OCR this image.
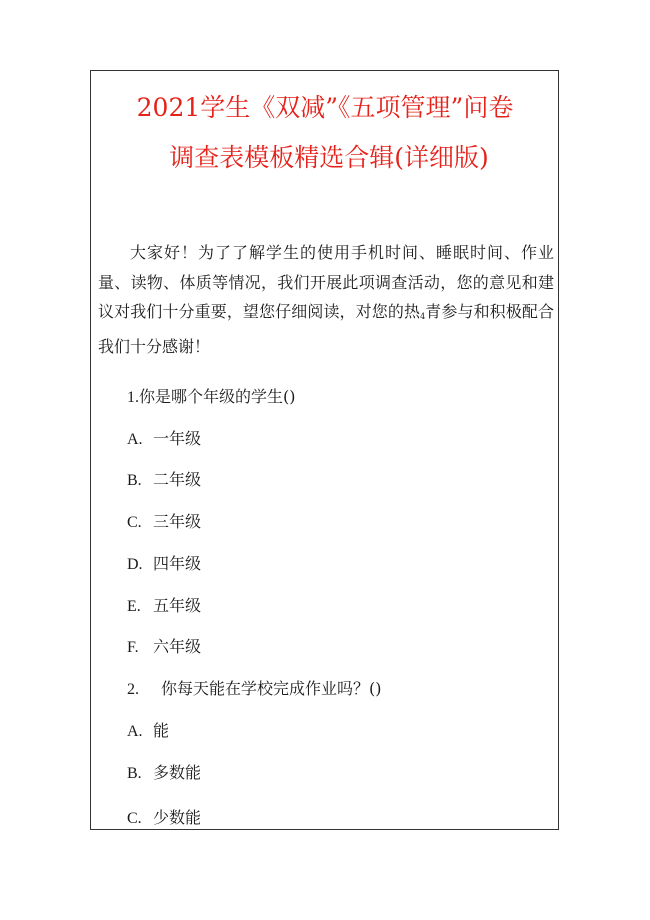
2021学生《双减”《五项管理”问卷
调查表模板精选合辑(详细版)

大家好！为了了解学生的使用手机时间、睡眠时间、作业量、读物、体质等情况，我们开展此项调查活动，您的意见和建议对我们十分重要，望您仔细阅读，对您的热4青参与和积极配合我们十分感谢！

1.你是哪个年级的学生()
A. 一年级
B. 二年级
C. 三年级
D. 四年级
E. 五年级
F. 六年级
2. 你每天能在学校完成作业吗？()
A. 能
B. 多数能
C. 少数能
